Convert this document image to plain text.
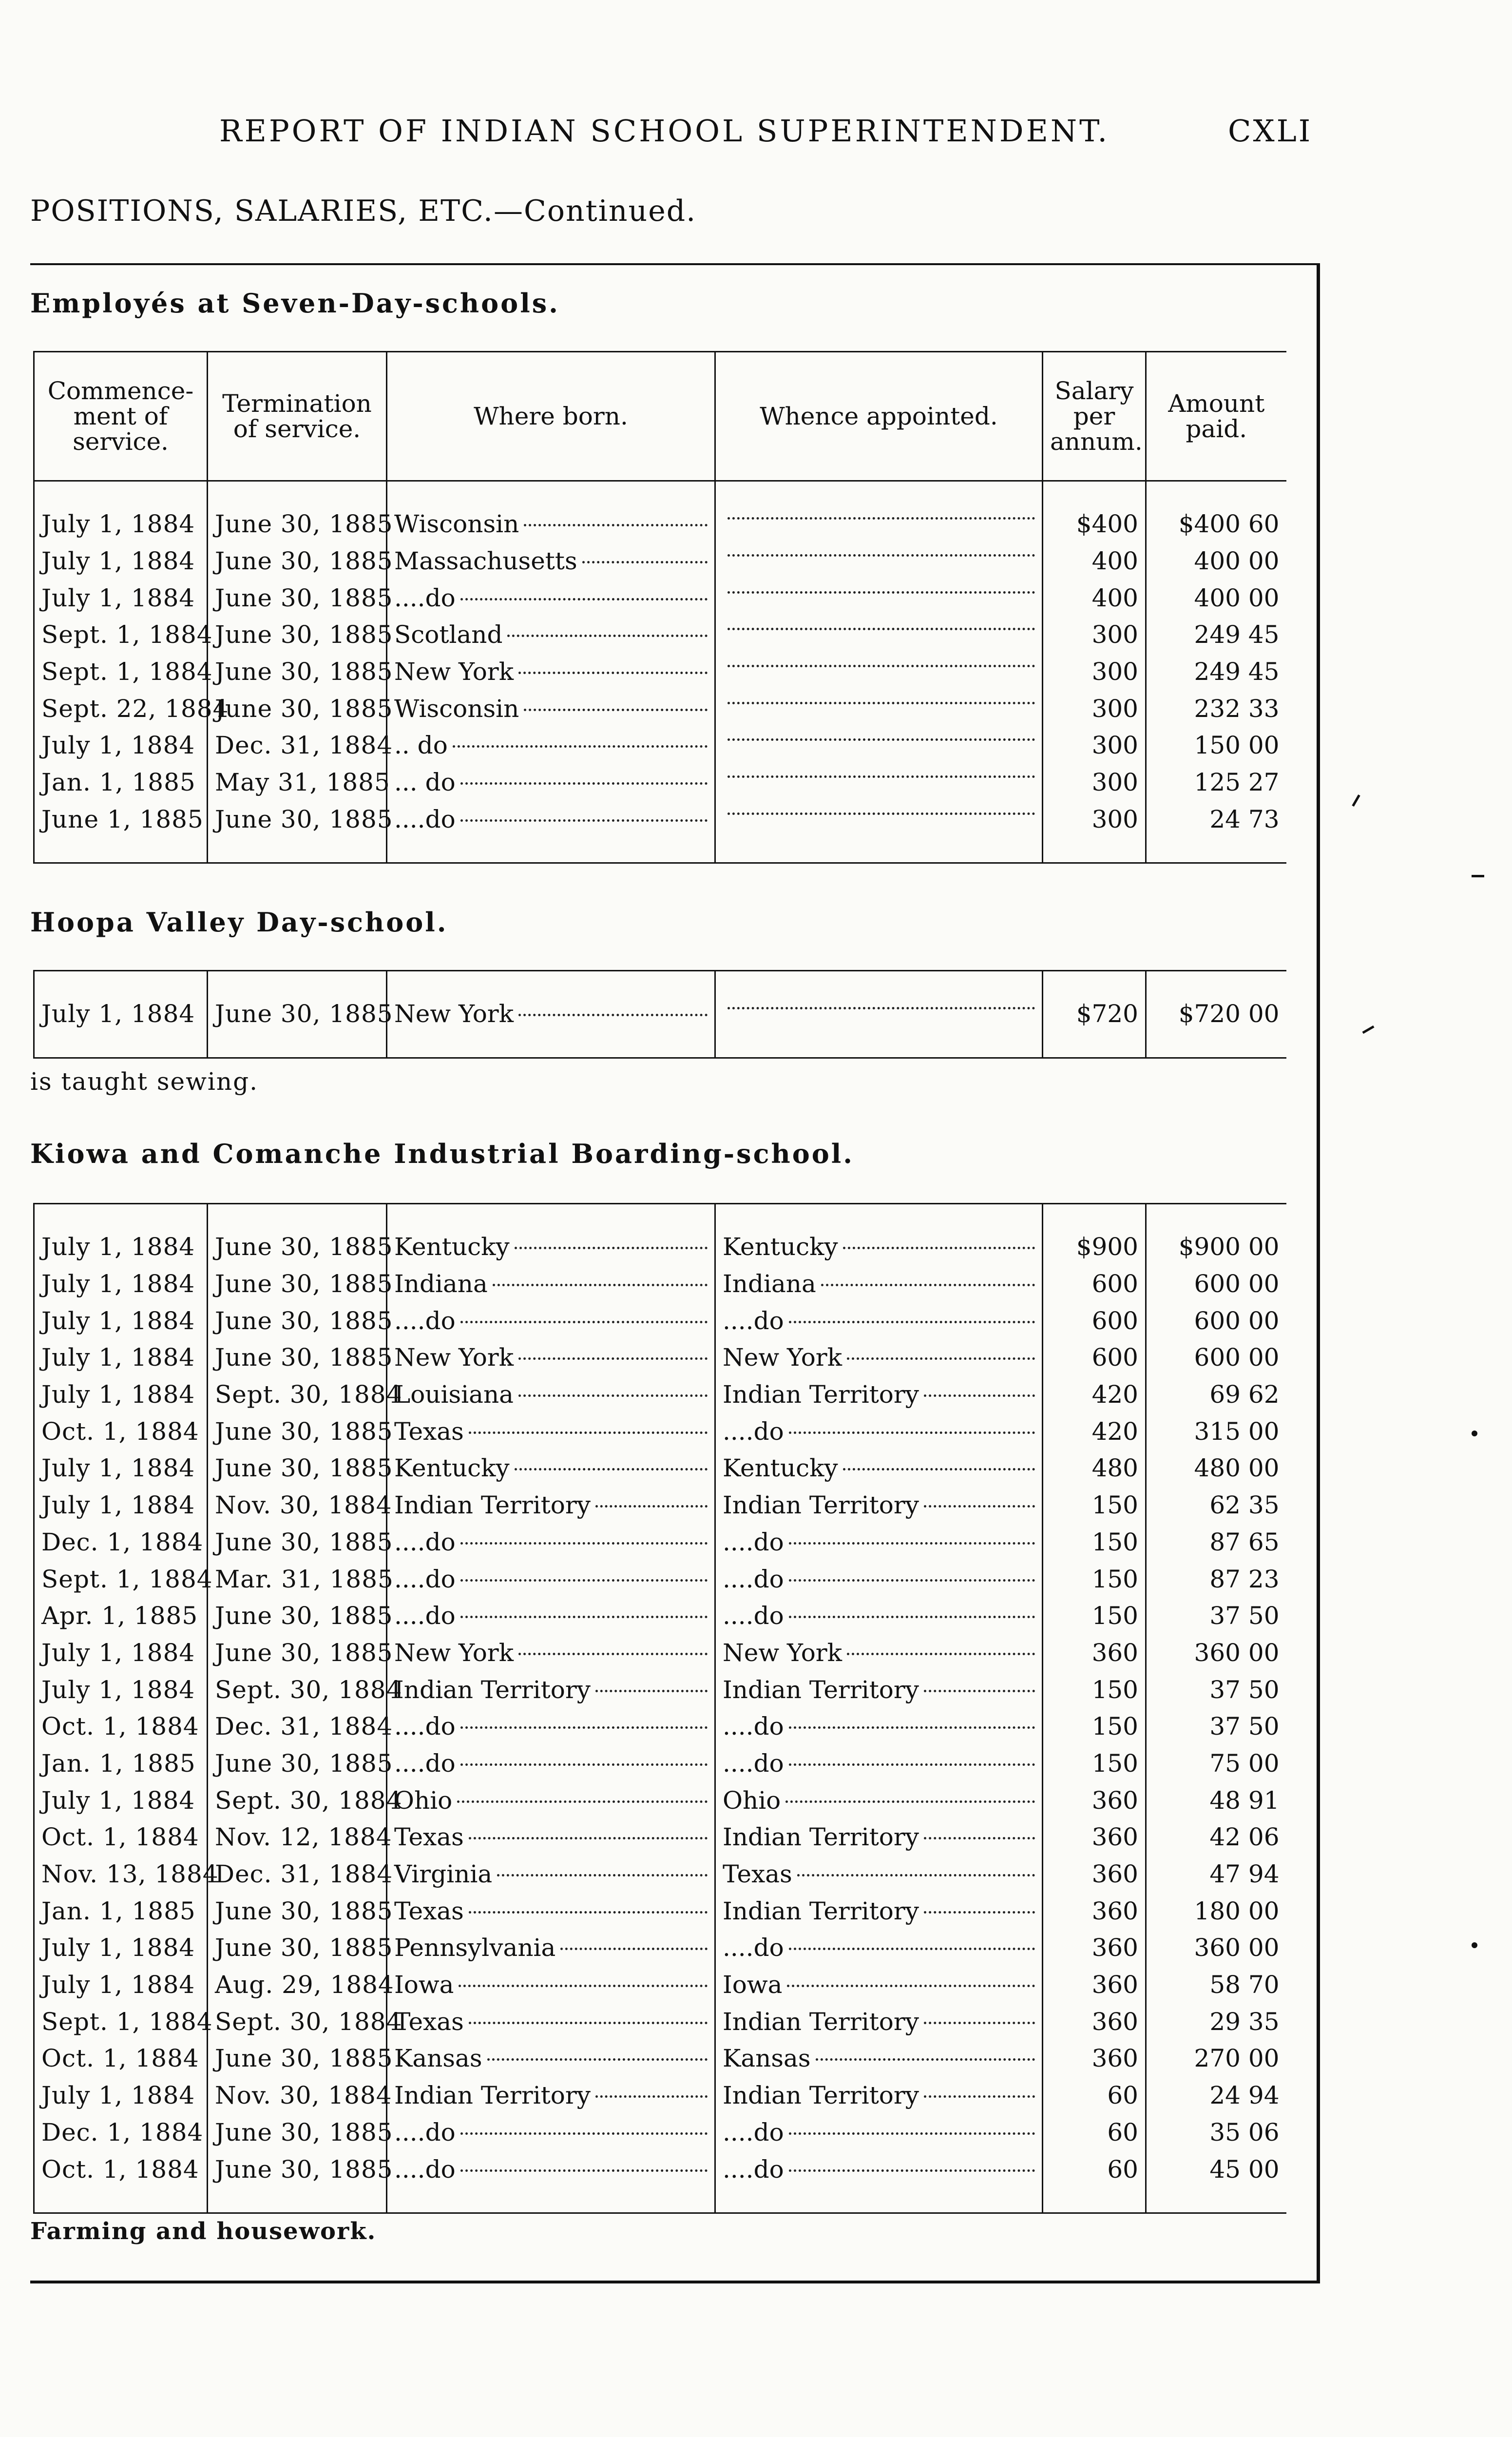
REPORT OF INDIAN SCHOOL SUPERINTENDENT.	CXLI
POSITIONS, SALARIES, ETC.—Continued.
Employés at Seven-Day-schools.
Commence-ment of service.	Termination of service.	Where born.	Whence appointed.	Salary per annum.	Amount paid.

July 1, 1884	June 30, 1885	Wisconsin		$400	$400 60
July 1, 1884	June 30, 1885	Massachusetts		400	400 00
July 1, 1884	June 30, 1885	....do		400	400 00
Sept. 1, 1884	June 30, 1885	Scotland		300	249 45
Sept. 1, 1884	June 30, 1885	New York		300	249 45
Sept. 22, 1884	June 30, 1885	Wisconsin		300	232 33
July 1, 1884	Dec. 31, 1884	.. do		300	150 00
Jan. 1, 1885	May 31, 1885	... do		300	125 27
June 1, 1885	June 30, 1885	....do		300	24 73

Hoopa Valley Day-school.

July 1, 1884	June 30, 1885	New York		$720	$720 00

is taught sewing.
Kiowa and Comanche Industrial Boarding-school.

July 1, 1884	June 30, 1885	Kentucky	Kentucky	$900	$900 00
July 1, 1884	June 30, 1885	Indiana	Indiana	600	600 00
July 1, 1884	June 30, 1885	....do	....do	600	600 00
July 1, 1884	June 30, 1885	New York	New York	600	600 00
July 1, 1884	Sept. 30, 1884	Louisiana	Indian Territory	420	69 62
Oct. 1, 1884	June 30, 1885	Texas	....do	420	315 00
July 1, 1884	June 30, 1885	Kentucky	Kentucky	480	480 00
July 1, 1884	Nov. 30, 1884	Indian Territory	Indian Territory	150	62 35
Dec. 1, 1884	June 30, 1885	....do	....do	150	87 65
Sept. 1, 1884	Mar. 31, 1885	....do	....do	150	87 23
Apr. 1, 1885	June 30, 1885	....do	....do	150	37 50
July 1, 1884	June 30, 1885	New York	New York	360	360 00
July 1, 1884	Sept. 30, 1884	Indian Territory	Indian Territory	150	37 50
Oct. 1, 1884	Dec. 31, 1884	....do	....do	150	37 50
Jan. 1, 1885	June 30, 1885	....do	....do	150	75 00
July 1, 1884	Sept. 30, 1884	Ohio	Ohio	360	48 91
Oct. 1, 1884	Nov. 12, 1884	Texas	Indian Territory	360	42 06
Nov. 13, 1884	Dec. 31, 1884	Virginia	Texas	360	47 94
Jan. 1, 1885	June 30, 1885	Texas	Indian Territory	360	180 00
July 1, 1884	June 30, 1885	Pennsylvania	....do	360	360 00
July 1, 1884	Aug. 29, 1884	Iowa	Iowa	360	58 70
Sept. 1, 1884	Sept. 30, 1884	Texas	Indian Territory	360	29 35
Oct. 1, 1884	June 30, 1885	Kansas	Kansas	360	270 00
July 1, 1884	Nov. 30, 1884	Indian Territory	Indian Territory	60	24 94
Dec. 1, 1884	June 30, 1885	....do	....do	60	35 06
Oct. 1, 1884	June 30, 1885	....do	....do	60	45 00

Farming and housework.
